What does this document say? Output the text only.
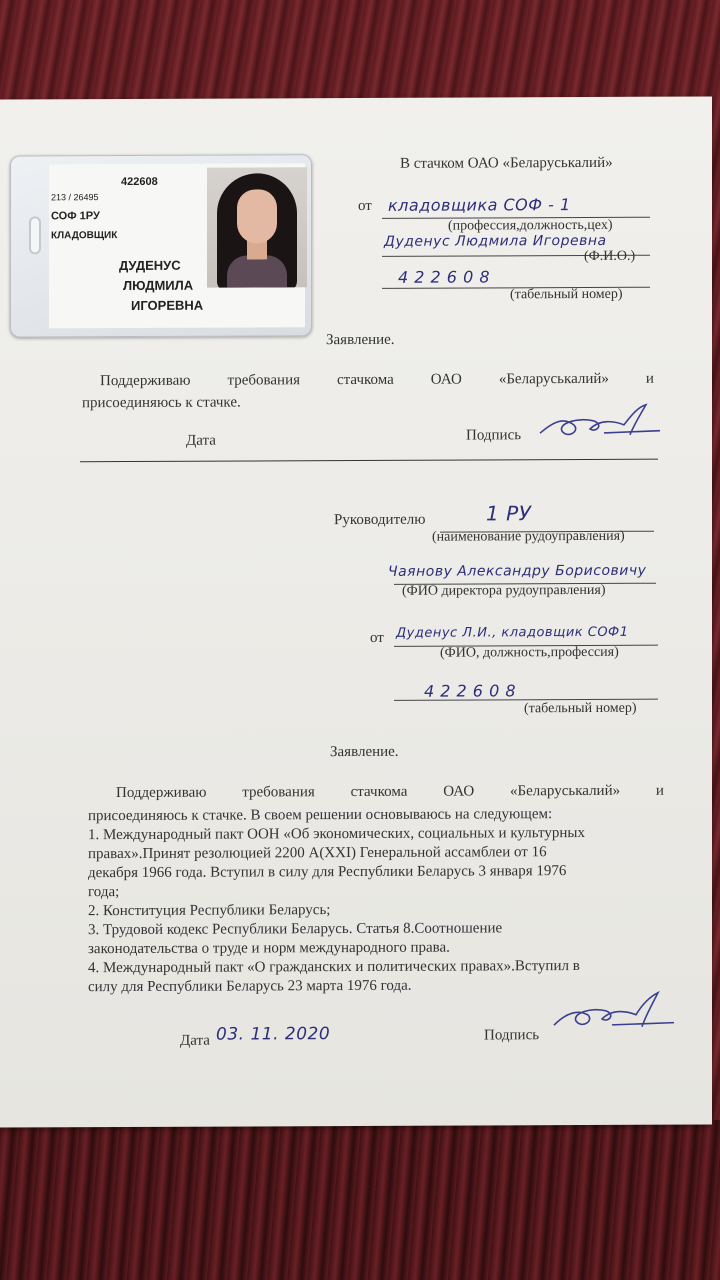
422608
213 / 26495
СОФ 1РУ
КЛАДОВЩИК
ДУДЕНУС
ЛЮДМИЛА
ИГОРЕВНА
В стачком ОАО «Беларуськалий»
от кладовщика СОФ - 1
(профессия,должность,цех)
Дуденус Людмила Игоревна
(Ф.И.О.)
4 2 2 6 0 8
(табельный номер)
Заявление.
Поддерживаю требования стачкома ОАО «Беларуськалий» и
присоединяюсь к стачке.
Дата	Подпись
Руководителю	1 РУ
(наименование рудоуправления)
Чаянову Александру Борисовичу
(ФИО директора рудоуправления)
от Дуденус Л.И., кладовщик СОФ1
(ФИО, должность,профессия)
4 2 2 6 0 8
(табельный номер)
Заявление.
Поддерживаю требования стачкома ОАО «Беларуськалий» и
присоединяюсь к стачке. В своем решении основываюсь на следующем:
1. Международный пакт ООН «Об экономических, социальных и культурных
правах».Принят резолюцией 2200 А(XXI) Генеральной ассамблеи от 16
декабря 1966 года. Вступил в силу для Республики Беларусь 3 января 1976
года;
2. Конституция Республики Беларусь;
3. Трудовой кодекс Республики Беларусь. Статья 8.Соотношение
законодательства о труде и норм международного права.
4. Международный пакт «О гражданских и политических правах».Вступил в
силу для Республики Беларусь 23 марта 1976 года.
Дата 03. 11. 2020	Подпись
